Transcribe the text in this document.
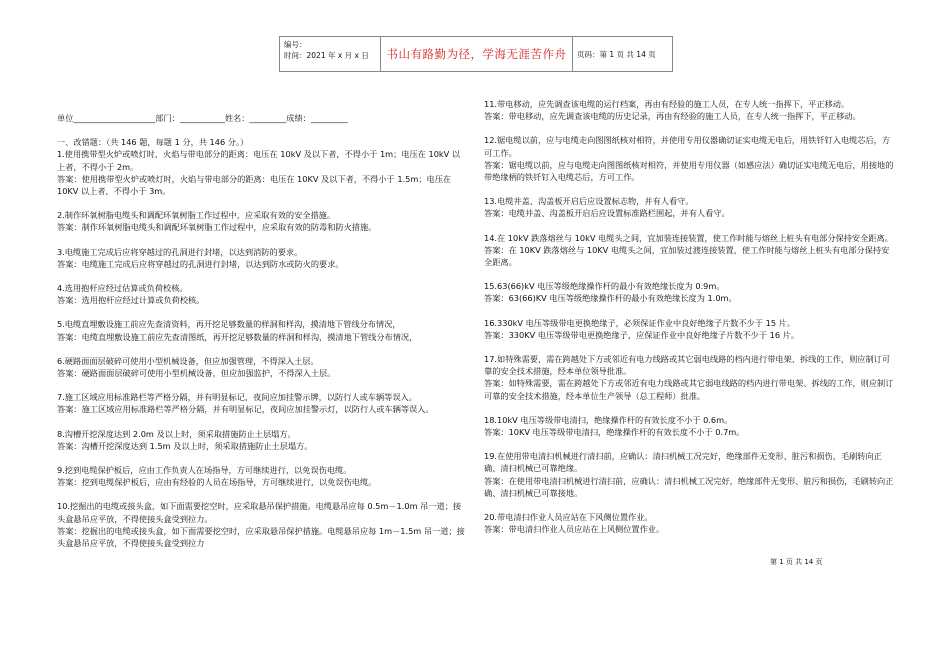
编号：
时间：2021 年 x 月 x 日	书山有路勤为径，学海无涯苦作舟	页码：第 1 页 共 14 页

单位____________________部门：___________姓名：_________成绩：_________

一、改错题：（共 146 题，每题 1 分，共 146 分。）

1.使用携带型火炉或喷灯时，火焰与带电部分的距离：电压在 10kV 及以下者，不得小于 1m；电压在 10kV 以上者，不得小于 2m。

答案：使用携带型火炉或喷灯时，火焰与带电部分的距离：电压在 10KV 及以下者，不得小于 1.5m；电压在 10KV 以上者，不得小于 3m。

2.制作环氧树脂电缆头和调配环氧树脂工作过程中，应采取有效的安全措施。

答案：制作环氧树脂电缆头和调配环氧树脂工作过程中，应采取有效的防毒和防火措施。

3.电缆施工完成后应将穿越过的孔洞进行封堵，以达到消防的要求。

答案：电缆施工完成后应将穿越过的孔洞进行封堵，以达到防水或防火的要求。

4.选用抱杆应经过估算或负荷校核。

答案：选用抱杆应经过计算或负荷校核。

5.电缆直埋敷设施工前应先查清资料，再开挖足够数量的样洞和样沟，摸清地下管线分布情况，

答案：电缆直埋敷设施工前应先查清图纸，再开挖足够数量的样洞和样沟，摸清地下管线分布情况，

6.硬路面面层破碎可使用小型机械设备，但应加强管理，不得深入土层。

答案：硬路面面层破碎可使用小型机械设备，但应加强监护，不得深入土层。

7.施工区域应用标准路栏等严格分隔，并有明显标记，夜间应加挂警示牌，以防行人或车辆等误入。

答案：施工区域应用标准路栏等严格分隔，并有明显标记，夜间应加挂警示灯，以防行人或车辆等误入。

8.沟槽开挖深度达到 2.0m 及以上时，须采取措施防止土层塌方。

答案：沟槽开挖深度达到 1.5m 及以上时，须采取措施防止土层塌方。

9.挖到电缆保护板后，应由工作负责人在场指导，方可继续进行，以免误伤电缆。

答案：挖到电缆保护板后，应由有经验的人员在场指导，方可继续进行，以免误伤电缆。

10.挖掘出的电缆或接头盒，如下面需要挖空时，应采取悬吊保护措施。电缆悬吊应每 0.5m－1.0m 吊一道；接头盒悬吊应平放，不得使接头盒受到拉力。

答案：挖掘出的电缆或接头盒，如下面需要挖空时，应采取悬吊保护措施。电缆悬吊应每 1m－1.5m 吊一道；接头盒悬吊应平放，不得使接头盒受到拉力

11.带电移动，应先调查该电缆的运行档案，再由有经验的施工人员，在专人统一指挥下，平正移动。

答案：带电移动，应先调查该电缆的历史记录，再由有经验的施工人员，在专人统一指挥下，平正移动。

12.锯电缆以前，应与电缆走向图图纸核对相符，并使用专用仪器确切证实电缆无电后，用铁钎钉入电缆芯后，方可工作。

答案：锯电缆以前，应与电缆走向图图纸核对相符，并使用专用仪器（如感应法）确切证实电缆无电后，用接地的带绝缘柄的铁钎钉入电缆芯后，方可工作。

13.电缆井盖、沟盖板开启后应设置标志物，并有人看守。

答案：电缆井盖、沟盖板开启后应设置标准路栏围起，并有人看守。

14.在 10kV 跌落熔丝与 10kV 电缆头之间，宜加装连接装置，使工作时能与熔丝上桩头有电部分保持安全距离。

答案：在 10KV 跌落熔丝与 10KV 电缆头之间，宜加装过渡连接装置，使工作时能与熔丝上桩头有电部分保持安全距离。

15.63(66)kV 电压等级绝缘操作杆的最小有效绝缘长度为 0.9m。

答案：63(66)KV 电压等级绝缘操作杆的最小有效绝缘长度为 1.0m。

16.330kV 电压等级带电更换绝缘子，必须保证作业中良好绝缘子片数不少于 15 片。

答案：330KV 电压等级带电更换绝缘子，应保证作业中良好绝缘子片数不少于 16 片。

17.如特殊需要，需在跨越处下方或邻近有电力线路或其它弱电线路的档内进行带电架、拆线的工作，则应制订可靠的安全技术措施，经本单位领导批准。

答案：如特殊需要，需在跨越处下方或邻近有电力线路或其它弱电线路的档内进行带电架、拆线的工作，则应制订可靠的安全技术措施，经本单位生产领导（总工程师）批准。

18.10kV 电压等级带电清扫，绝缘操作杆的有效长度不小于 0.6m。

答案：10KV 电压等级带电清扫，绝缘操作杆的有效长度不小于 0.7m。

19.在使用带电清扫机械进行清扫前，应确认：清扫机械工况完好，绝缘部件无变形、脏污和损伤，毛刷转向正确、清扫机械已可靠绝缘。

答案：在使用带电清扫机械进行清扫前，应确认：清扫机械工况完好，绝缘部件无变形、脏污和损伤，毛刷转向正确、清扫机械已可靠接地。

20.带电清扫作业人员应站在下风侧位置作业。

答案：带电清扫作业人员应站在上风侧位置作业。

第 1 页 共 14 页
